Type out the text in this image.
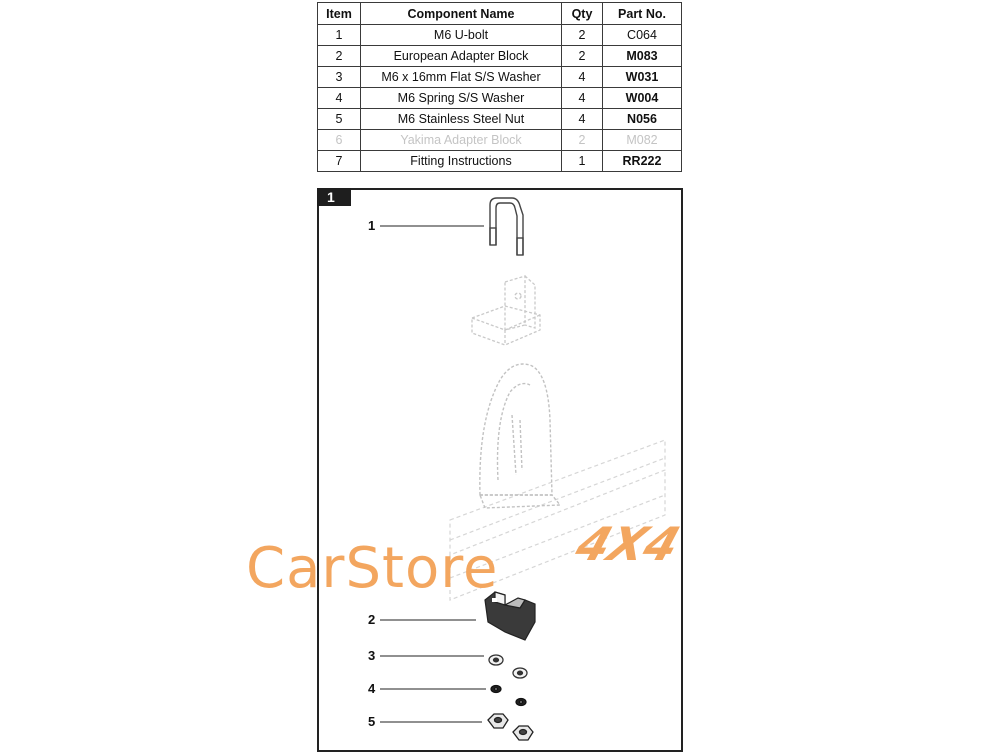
Item	Component Name	Qty	Part No.
1	M6 U-bolt	2	C064
2	European Adapter Block	2	M083
3	M6 x 16mm Flat S/S Washer	4	W031
4	M6 Spring S/S Washer	4	W004
5	M6 Stainless Steel Nut	4	N056
6	Yakima Adapter Block	2	M082
7	Fitting Instructions	1	RR222
1
1
2
3
4
5
4X4
CarStore
